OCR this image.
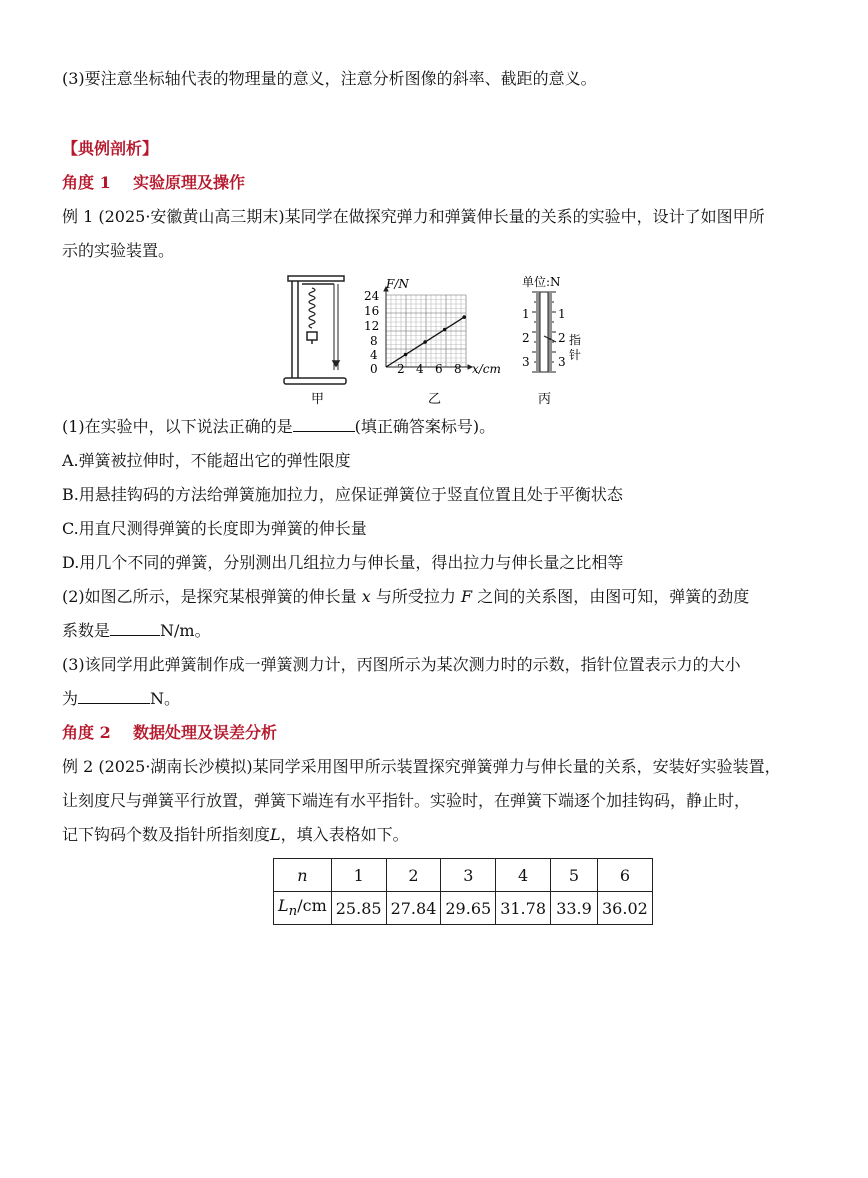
(3)要注意坐标轴代表的物理量的意义，注意分析图像的斜率、截距的意义。

【典例剖析】

角度 1 实验原理及操作

例 1 (2025·安徽黄山高三期末)某同学在做探究弹力和弹簧伸长量的关系的实验中，设计了如图甲所

示的实验装置。

甲
F/N
x/cm
24
16
12
8
4
0 2 4 6 8
乙
单位:N
1
2
3
1
2
3
指
针
丙

(1)在实验中，以下说法正确的是	(填正确答案标号)。

A.弹簧被拉伸时，不能超出它的弹性限度

B.用悬挂钩码的方法给弹簧施加拉力，应保证弹簧位于竖直位置且处于平衡状态

C.用直尺测得弹簧的长度即为弹簧的伸长量

D.用几个不同的弹簧，分别测出几组拉力与伸长量，得出拉力与伸长量之比相等

(2)如图乙所示，是探究某根弹簧的伸长量 x 与所受拉力 F 之间的关系图，由图可知，弹簧的劲度

系数是	N/m。

(3)该同学用此弹簧制作成一弹簧测力计，丙图所示为某次测力时的示数，指针位置表示力的大小

为	N。

角度 2 数据处理及误差分析

例 2 (2025·湖南长沙模拟)某同学采用图甲所示装置探究弹簧弹力与伸长量的关系，安装好实验装置，

让刻度尺与弹簧平行放置，弹簧下端连有水平指针。实验时，在弹簧下端逐个加挂钩码，静止时，

记下钩码个数及指针所指刻度L，填入表格如下。

n	1	2	3	4	5	6
$L_n/cm$	25.85	27.84	29.65	31.78	33.9	36.02
